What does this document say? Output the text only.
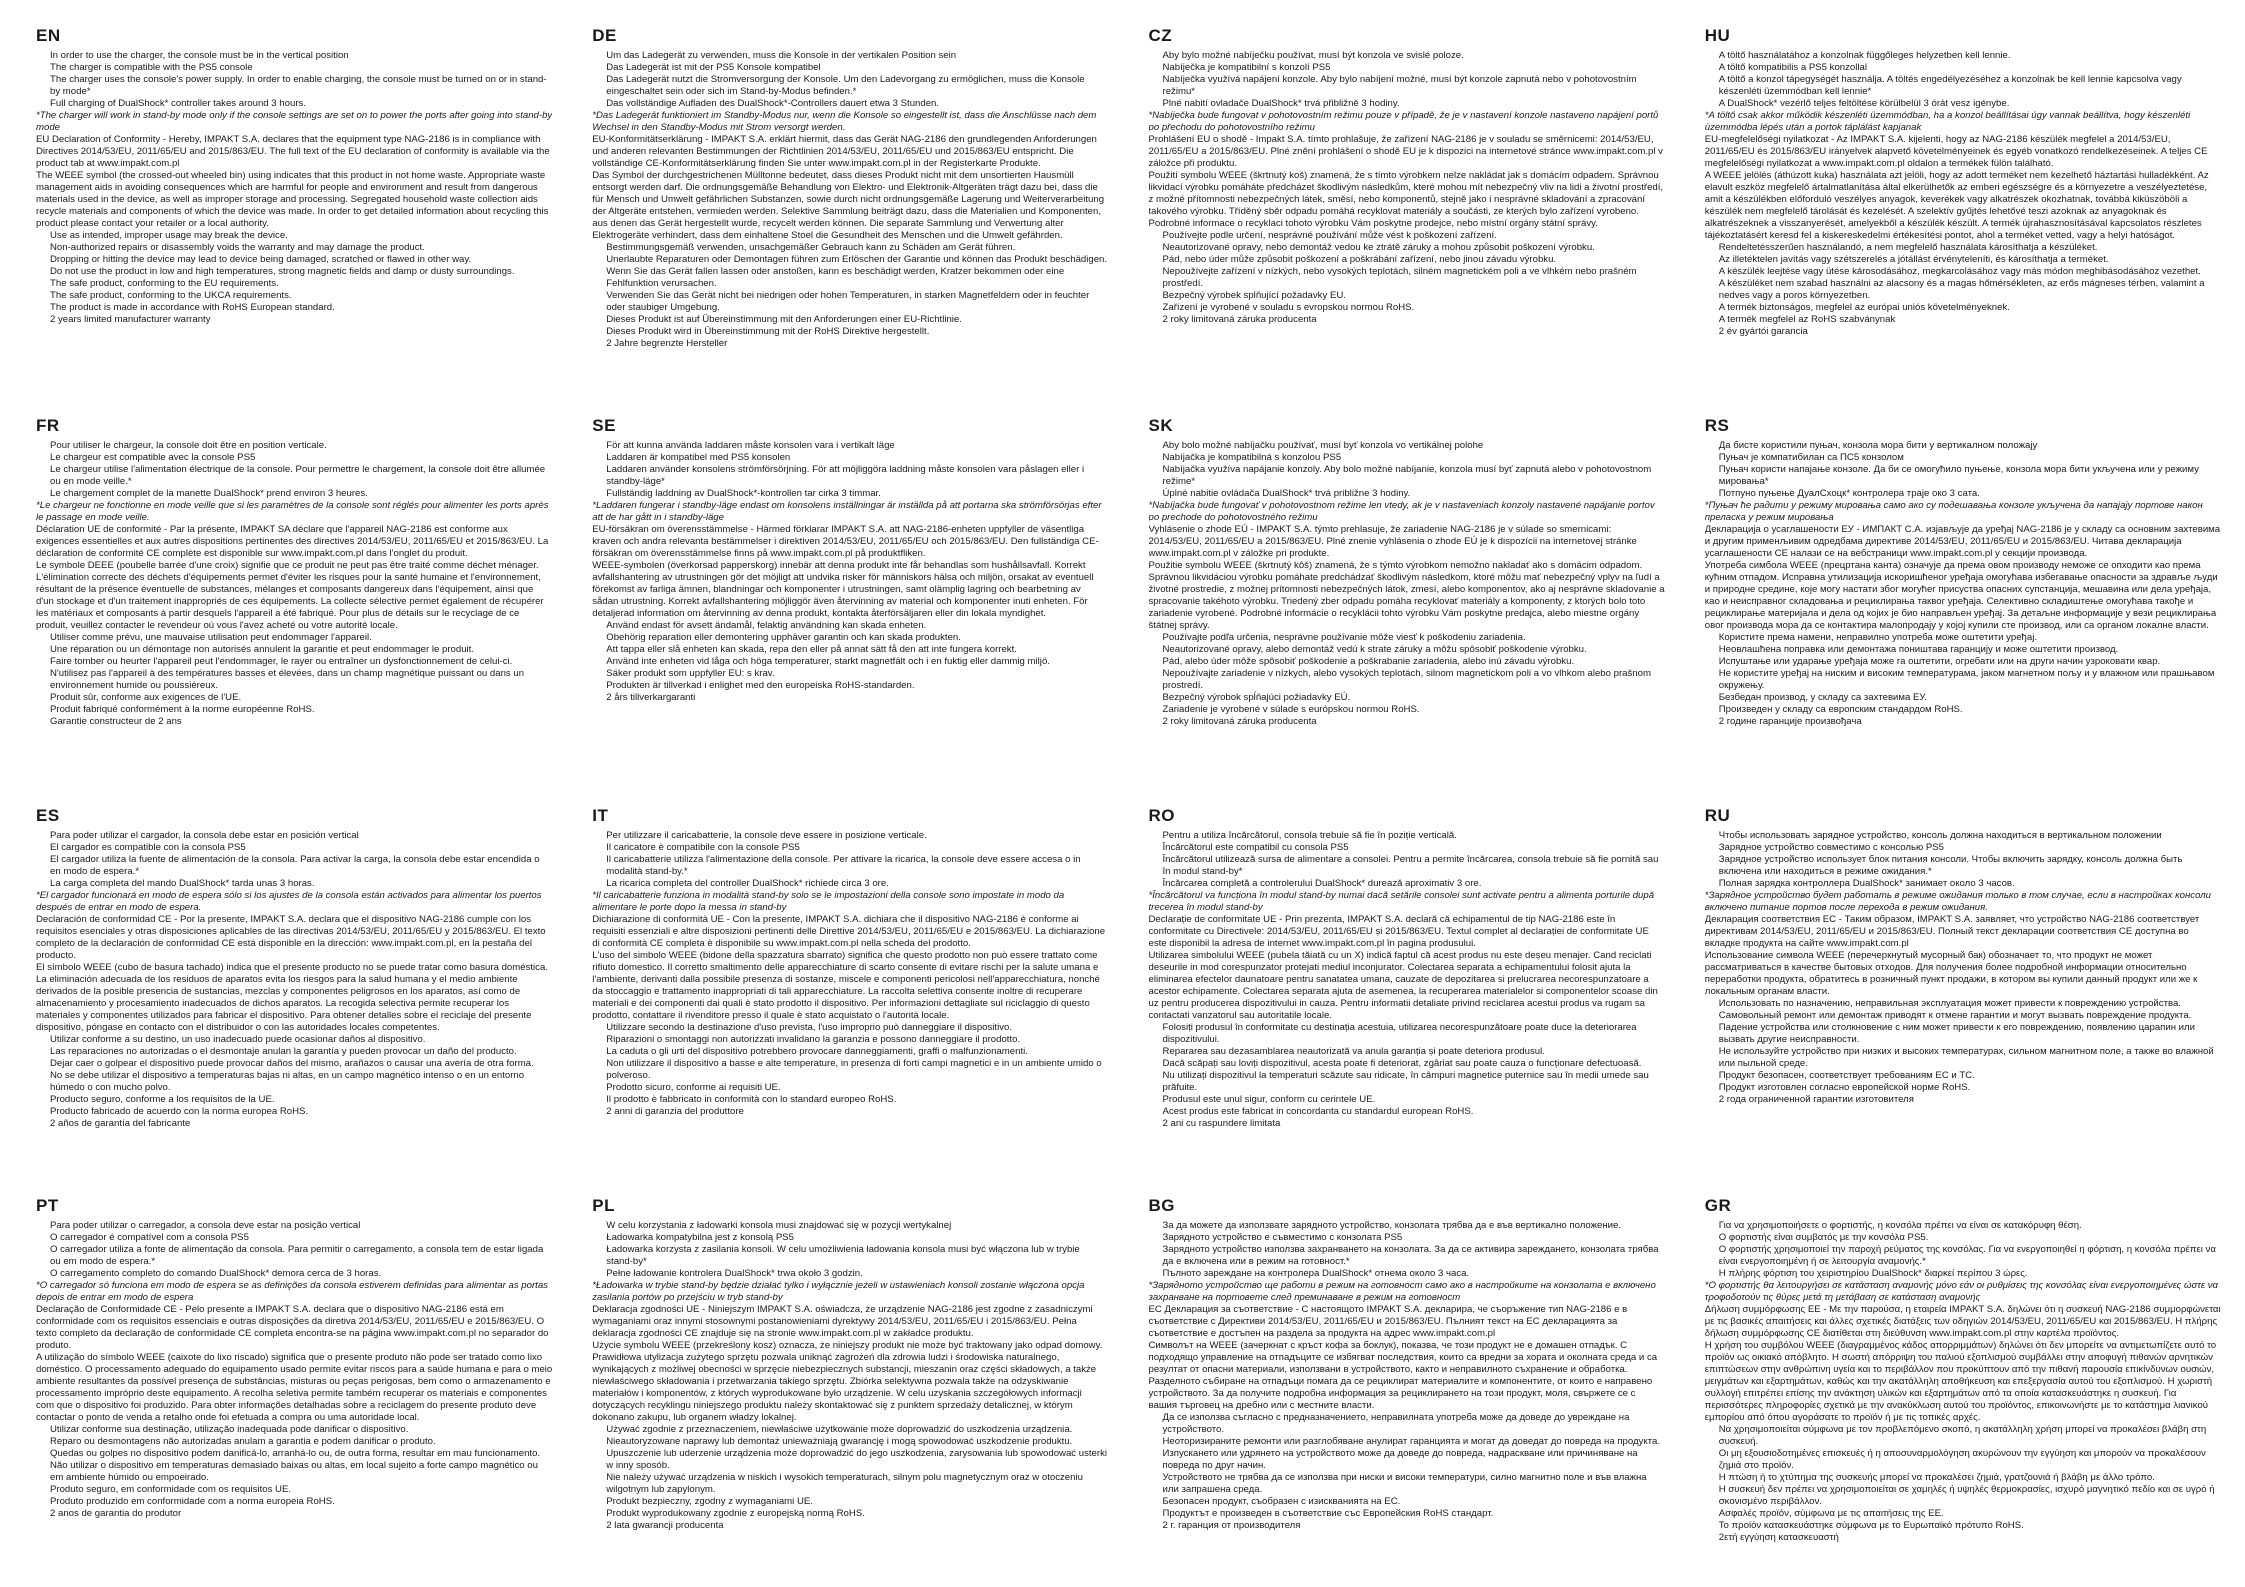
EN
In order to use the charger, the console must be in the vertical position
The charger is compatible with the PS5 console
The charger uses the console's power supply. In order to enable charging, the console must be turned on or in stand-by mode*
Full charging of DualShock* controller takes around 3 hours.
*The charger will work in stand-by mode only if the console settings are set on to power the ports after going into stand-by mode
EU Declaration of Conformity - Hereby, IMPAKT S.A. declares that the equipment type NAG-2186 is in compliance with Directives 2014/53/EU, 2011/65/EU and 2015/863/EU. The full text of the EU declaration of conformity is available via the product tab at www.impakt.com.pl
The WEEE symbol (the crossed-out wheeled bin) using indicates that this product in not home waste. Appropriate waste management aids in avoiding consequences which are harmful for people and environment and result from dangerous materials used in the device, as well as improper storage and processing. Segregated household waste collection aids recycle materials and components of which the device was made. In order to get detailed information about recycling this product please contact your retailer or a local authority.
Use as intended, improper usage may break the device.
Non-authorized repairs or disassembly voids the warranty and may damage the product.
Dropping or hitting the device may lead to device being damaged, scratched or flawed in other way.
Do not use the product in low and high temperatures, strong magnetic fields and damp or dusty surroundings.
The safe product, conforming to the EU requirements.
The safe product, conforming to the UKCA requirements.
The product is made in accordance with RoHS European standard.
2 years limited manufacturer warranty
DE
Um das Ladegerät zu verwenden, muss die Konsole in der vertikalen Position sein
Das Ladegerät ist mit der PS5 Konsole kompatibel
Das Ladegerät nutzt die Stromversorgung der Konsole. Um den Ladevorgang zu ermöglichen, muss die Konsole eingeschaltet sein oder sich im Stand-by-Modus befinden.*
Das vollständige Aufladen des DualShock*-Controllers dauert etwa 3 Stunden.
*Das Ladegerät funktioniert im Standby-Modus nur, wenn die Konsole so eingestellt ist, dass die Anschlüsse nach dem Wechsel in den Standby-Modus mit Strom versorgt werden.
EU-Konformitätserklärung - IMPAKT S.A. erklärt hiermit, dass das Gerät NAG-2186 den grundlegenden Anforderungen und anderen relevanten Bestimmungen der Richtlinien 2014/53/EU, 2011/65/EU und 2015/863/EU entspricht. Die vollständige CE-Konformitätserklärung finden Sie unter www.impakt.com.pl in der Registerkarte Produkte.
Das Symbol der durchgestrichenen Mülltonne bedeutet, dass dieses Produkt nicht mit dem unsortierten Hausmüll entsorgt werden darf. Die ordnungsgemäße Behandlung von Elektro- und Elektronik-Altgeräten trägt dazu bei, dass die für Mensch und Umwelt gefährlichen Substanzen, sowie durch nicht ordnungsgemäße Lagerung und Weiterverarbeitung der Altgeräte entstehen, vermieden werden. Selektive Sammlung beiträgt dazu, dass die Materialien und Komponenten, aus denen das Gerät hergestellt wurde, recycelt werden können. Die separate Sammlung und Verwertung alter Elektrogeräte verhindert, dass dem einhaltene Stoel die Gesundheit des Menschen und die Umwelt gefährden.
Bestimmungsgemäß verwenden, unsachgemäßer Gebrauch kann zu Schäden am Gerät führen.
Unerlaubte Reparaturen oder Demontagen führen zum Erlöschen der Garantie und können das Produkt beschädigen.
Wenn Sie das Gerät fallen lassen oder anstoßen, kann es beschädigt werden, Kratzer bekommen oder eine Fehlfunktion verursachen.
Verwenden Sie das Gerät nicht bei niedrigen oder hohen Temperaturen, in starken Magnetfeldern oder in feuchter oder staubiger Umgebung.
Dieses Produkt ist auf Übereinstimmung mit den Anforderungen einer EU-Richtlinie.
Dieses Produkt wird in Übereinstimmung mit der RoHS Direktive hergestellt.
2 Jahre begrenzte Hersteller
CZ
Aby bylo možné nabíječku používat, musí být konzola ve svislé poloze.
Nabíječka je kompatibilní s konzolí PS5
Nabíječka využívá napájení konzole. Aby bylo nabíjení možné, musí být konzole zapnutá nebo v pohotovostním režimu*
Plné nabití ovladače DualShock* trvá přibližně 3 hodiny.
*Nabíječka bude fungovat v pohotovostním režimu pouze v případě, že je v nastavení konzole nastaveno napájení portů po přechodu do pohotovostního režimu
Prohlášení EU o shodě - Impakt S.A. tímto prohlašuje, že zařízení NAG-2186 je v souladu se směrnicemi: 2014/53/EU, 2011/65/EU a 2015/863/EU. Plné znění prohlášení o shodě EU je k dispozici na internetové stránce www.impakt.com.pl v záložce při produktu.
Použití symbolu WEEE (škrtnutý koš) znamená, že s tímto výrobkem nelze nakládat jak s domácím odpadem. Správnou likvidací výrobku pomáháte předcházet škodlivým následkům, které mohou mít nebezpečný vliv na lidi a životní prostředí, z možné přítomnosti nebezpečných látek, směsí, nebo komponentů, stejně jako i nesprávné skladování a zpracování takového výrobku. Tříděný sběr odpadu pomáhá recyklovat materiály a součásti, ze kterých bylo zařízení vyrobeno. Podrobné informace o recyklaci tohoto výrobku Vám poskytne prodejce, nebo místní orgány státní správy.
Používejte podle určení, nesprávné používání může vést k poškození zařízení.
Neautorizované opravy, nebo demontáž vedou ke ztrátě záruky a mohou způsobit poškození výrobku.
Pád, nebo úder může způsobit poškození a poškrábání zařízení, nebo jinou závadu výrobku.
Nepoužívejte zařízení v nízkých, nebo vysokých teplotách, silném magnetickém poli a ve vlhkém nebo prašném prostředí.
Bezpečný výrobek splňující požadavky EU.
Zařízení je vyrobené v souladu s evropskou normou RoHS.
2 roky limitovaná záruka producenta
HU
A töltő használatához a konzolnak függőleges helyzetben kell lennie.
A töltő kompatibilis a PS5 konzollal
A töltő a konzol tápegységét használja. A töltés engedélyezéséhez a konzolnak be kell lennie kapcsolva vagy készenléti üzemmódban kell lennie*
A DualShock* vezérlő teljes feltöltése körülbelül 3 órát vesz igénybe.
*A töltő csak akkor működik készenléti üzemmódban, ha a konzol beállításai úgy vannak beállítva, hogy készenléti üzemmódba lépés után a portok táplálást kapjanak
EU-megfelelőségi nyilatkozat - Az IMPAKT S.A. kijelenti, hogy az NAG-2186 készülék megfelel a 2014/53/EU, 2011/65/EU és 2015/863/EU irányelvek alapvető követelményeinek és egyéb vonatkozó rendelkezéseinek. A teljes CE megfelelőségi nyilatkozat a www.impakt.com.pl oldalon a termékek fülön található.
A WEEE jelölés (áthúzott kuka) használata azt jelöli, hogy az adott terméket nem kezelhető háztartási hulladékként. Az elavult eszköz megfelelő ártalmatlanítása által elkerülhetők az emberi egészségre és a környezetre a veszélyeztetése, amit a készülékben előforduló veszélyes anyagok, keverékek vagy alkatrészek okozhatnak, továbbá kiküszöböli a készülék nem megfelelő tárolását és kezelését. A szelektív gyűjtés lehetővé teszi azoknak az anyagoknak és alkatrészeknek a visszanyerését, amelyekből a készülék készült. A termék újrahasznosításával kapcsolatos részletes tájékoztatásért keresd fel a kiskereskedelmi értékesítési pontot, ahol a terméket vetted, vagy a helyi hatóságot.
Rendeltetésszerűen használandó, a nem megfelelő használata károsíthatja a készüléket.
Az illetéktelen javítás vagy szétszerelés a jótállást érvényteleníti, és károsíthatja a terméket.
A készülék leejtése vagy ütése károsodásához, megkarcolásához vagy más módon meghibásodásához vezethet.
A készüléket nem szabad használni az alacsony és a magas hőmérsékleten, az erős mágneses térben, valamint a nedves vagy a poros környezetben.
A termék biztonságos, megfelel az európai uniós követelményeknek.
A termék megfelel az RoHS szabványnak
2 év gyártói garancia
FR
Pour utiliser le chargeur, la console doit être en position verticale.
Le chargeur est compatible avec la console PS5
Le chargeur utilise l'alimentation électrique de la console. Pour permettre le chargement, la console doit être allumée ou en mode veille.*
Le chargement complet de la manette DualShock* prend environ 3 heures.
*Le chargeur ne fonctionne en mode veille que si les paramètres de la console sont réglés pour alimenter les ports après le passage en mode veille.
Déclaration UE de conformité - Par la présente, IMPAKT SA déclare que l'appareil NAG-2186 est conforme aux exigences essentielles et aux autres dispositions pertinentes des directives 2014/53/EU, 2011/65/EU et 2015/863/EU. La déclaration de conformité CE complète est disponible sur www.impakt.com.pl dans l'onglet du produit.
Le symbole DEEE (poubelle barrée d'une croix) signifie que ce produit ne peut pas être traité comme déchet ménager. L'élimination correcte des déchets d'équipements permet d'éviter les risques pour la santé humaine et l'environnement, résultant de la présence éventuelle de substances, mélanges et composants dangereux dans l'équipement, ainsi que d'un stockage et d'un traitement inappropriés de ces équipements. La collecte sélective permet également de récupérer les matériaux et composants à partir desquels l'appareil a été fabriqué. Pour plus de détails sur le recyclage de ce produit, veuillez contacter le revendeur où vous l'avez acheté ou votre autorité locale.
Utiliser comme prévu, une mauvaise utilisation peut endommager l'appareil.
Une réparation ou un démontage non autorisés annulent la garantie et peut endommager le produit.
Faire tomber ou heurter l'appareil peut l'endommager, le rayer ou entraîner un dysfonctionnement de celui-ci.
N'utilisez pas l'appareil à des températures basses et élevées, dans un champ magnétique puissant ou dans un environnement humide ou poussiéreux.
Produit sûr, conforme aux exigences de l'UE.
Produit fabriqué conformément à la norme européenne RoHS.
Garantie constructeur de 2 ans
SE
För att kunna använda laddaren måste konsolen vara i vertikalt läge
Laddaren är kompatibel med PS5 konsolen
Laddaren använder konsolens strömförsörjning. För att möjliggöra laddning måste konsolen vara påslagen eller i standby-läge*
Fullständig laddning av DualShock*-kontrollen tar cirka 3 timmar.
*Laddaren fungerar i standby-läge endast om konsolens inställningar är inställda på att portarna ska strömförsörjas efter att de har gått in i standby-läge
EU-försäkran om överensstämmelse - Härmed förklarar IMPAKT S.A. att NAG-2186-enheten uppfyller de väsentliga kraven och andra relevanta bestämmelser i direktiven 2014/53/EU, 2011/65/EU och 2015/863/EU. Den fullständiga CE-försäkran om överensstämmelse finns på www.impakt.com.pl på produktfliken.
WEEE-symbolen (överkorsad papperskorg) innebär att denna produkt inte får behandlas som hushållsavfall. Korrekt avfallshantering av utrustningen gör det möjligt att undvika risker för människors hälsa och miljön, orsakat av eventuell förekomst av farliga ämnen, blandningar och komponenter i utrustningen, samt olämplig lagring och bearbetning av sådan utrustning. Korrekt avfallshantering möjliggör även återvinning av material och komponenter inuti enheten. För detaljerad information om återvinning av denna produkt, kontakta återförsäljaren eller din lokala myndighet.
Använd endast för avsett ändamål, felaktig användning kan skada enheten.
Obehörig reparation eller demontering upphäver garantin och kan skada produkten.
Att tappa eller slå enheten kan skada, repa den eller på annat sätt få den att inte fungera korrekt.
Använd inte enheten vid låga och höga temperaturer, starkt magnetfält och i en fuktig eller dammig miljö.
Säker produkt som uppfyller EU: s krav.
Produkten är tillverkad i enlighet med den europeiska RoHS-standarden.
2 års tillverkargaranti
SK
Aby bolo možné nabíjačku používať, musí byť konzola vo vertikálnej polohe
Nabíjačka je kompatibilná s konzolou PS5
Nabíjačka využíva napájanie konzoly. Aby bolo možné nabíjanie, konzola musí byť zapnutá alebo v pohotovostnom režime*
Úplné nabitie ovládača DualShock* trvá približne 3 hodiny.
*Nabíjačka bude fungovať v pohotovostnom režime len vtedy, ak je v nastaveniach konzoly nastavené napájanie portov po prechode do pohotovostného režimu
Vyhlásenie o zhode EÚ - IMPAKT S.A. týmto prehlasuje, že zariadenie NAG-2186 je v súlade so smernicami: 2014/53/EU, 2011/65/EU a 2015/863/EU. Plné znenie vyhlásenia o zhode EÚ je k dispozícii na internetovej stránke www.impakt.com.pl v záložke pri produkte.
Použitie symbolu WEEE (škrtnutý kôš) znamená, že s týmto výrobkom nemožno nakladať ako s domácim odpadom. Správnou likvidáciou výrobku pomáhate predchádzať škodlivým následkom, ktoré môžu mať nebezpečný vplyv na ľudí a životné prostredie, z možnej prítomnosti nebezpečných látok, zmesí, alebo komponentov, ako aj nesprávne skladovanie a spracovanie takéhoto výrobku. Triedený zber odpadu pomáha recyklovať materiály a komponenty, z ktorých bolo toto zariadenie vyrobené. Podrobné informácie o recyklácii tohto výrobku Vám poskytne predajca, alebo miestne orgány štátnej správy.
Používajte podľa určenia, nesprávne používanie môže viesť k poškodeniu zariadenia.
Neautorizované opravy, alebo demontáž vedú k strate záruky a môžu spôsobiť poškodenie výrobku.
Pád, alebo úder môže spôsobiť poškodenie a poškrabanie zariadenia, alebo inú závadu výrobku.
Nepoužívajte zariadenie v nízkych, alebo vysokých teplotách, silnom magnetickom poli a vo vlhkom alebo prašnom prostredí.
Bezpečný výrobok spĺňajúci požiadavky EÚ.
Zariadenie je vyrobené v súlade s európskou normou RoHS.
2 roky limitovaná záruka producenta
RS
Да бисте користили пуњач, конзола мора бити у вертикалном положају
Пуњач је компатибилан са ПС5 конзолом
Пуњач користи напајање конзоле. Да би се омогућило пуњење, конзола мора бити укључена или у режиму мировања*
Потпуно пуњење ДуалСхоцк* контролера траје око 3 сата.
*Пуњач ће радити у режиму мировања само ако су подешавања конзоле укључена да напајају портове након преласка у режим мировања
Декларација о усаглашености ЕУ - ИМПАКТ С.А. изјављује да уређај NAG-2186 је у складу са основним захтевима и другим применљивим одредбама директиве 2014/53/EU, 2011/65/EU и 2015/863/EU. Читава декларација усаглашености CE налази се на вебстраници www.impakt.com.pl у секцији производа.
Употреба симбола WEEE (прецртана канта) означује да према овом производу неможе се опходити као према кућним отпадом. Исправна утилизација искоришћеног уређаја омогућава избегавање опасности за здравље људи и природне средине, које могу настати због могућег присуства опасних супстанција, мешавина или дела уређаја, као и неисправног складовања и рециклирања таквог уређаја. Селективно складиштење омогућава такође и рециклирање материјала и дела од којих је био направљен уређај. За детаљне информације у вези рециклирања овог производа мора да се контактира малопродају у којој купили сте производ, или са органом локалне власти.
Користите према намени, неправилно употреба може оштетити уређај.
Неовлашћена поправка или демонтажа поништава гаранцију и може оштетити производ.
Испуштање или ударање уређаја може га оштетити, огребати или на други начин узроковати квар.
Не користите уређај на ниским и високим температурама, јаком магнетном пољу и у влажном или прашњавом окружењу.
Безбедан производ, у складу са захтевима ЕУ.
Произведен у складу са европским стандардом RoHS.
2 године гаранције произвођача
ES
Para poder utilizar el cargador, la consola debe estar en posición vertical
El cargador es compatible con la consola PS5
El cargador utiliza la fuente de alimentación de la consola. Para activar la carga, la consola debe estar encendida o en modo de espera.*
La carga completa del mando DualShock* tarda unas 3 horas.
*El cargador funcionará en modo de espera sólo si los ajustes de la consola están activados para alimentar los puertos después de entrar en modo de espera.
Declaración de conformidad CE - Por la presente, IMPAKT S.A. declara que el dispositivo NAG-2186 cumple con los requisitos esenciales y otras disposiciones aplicables de las directivas 2014/53/EU, 2011/65/EU y 2015/863/EU. El texto completo de la declaración de conformidad CE está disponible en la dirección: www.impakt.com.pl, en la pestaña del producto.
El símbolo WEEE (cubo de basura tachado) indica que el presente producto no se puede tratar como basura doméstica. La eliminación adecuada de los residuos de aparatos evita los riesgos para la salud humana y el medio ambiente derivados de la posible presencia de sustancias, mezclas y componentes peligrosos en los aparatos, así como de almacenamiento y procesamiento inadecuados de dichos aparatos. La recogida selectiva permite recuperar los materiales y componentes utilizados para fabricar el dispositivo. Para obtener detalles sobre el reciclaje del presente dispositivo, póngase en contacto con el distribuidor o con las autoridades locales competentes.
Utilizar conforme a su destino, un uso inadecuado puede ocasionar daños al dispositivo.
Las reparaciones no autorizadas o el desmontaje anulan la garantía y pueden provocar un daño del producto.
Dejar caer o golpear el dispositivo puede provocar daños del mismo, arañazos o causar una avería de otra forma.
No se debe utilizar el dispositivo a temperaturas bajas ni altas, en un campo magnético intenso o en un entorno húmedo o con mucho polvo.
Producto seguro, conforme a los requisitos de la UE.
Producto fabricado de acuerdo con la norma europea RoHS.
2 años de garantía del fabricante
IT
Per utilizzare il caricabatterie, la console deve essere in posizione verticale.
Il caricatore è compatibile con la console PS5
Il caricabatterie utilizza l'alimentazione della console. Per attivare la ricarica, la console deve essere accesa o in modalità stand-by.*
La ricarica completa del controller DualShock* richiede circa 3 ore.
*Il caricabatterie funziona in modalità stand-by solo se le impostazioni della console sono impostate in modo da alimentare le porte dopo la messa in stand-by
Dichiarazione di conformità UE - Con la presente, IMPAKT S.A. dichiara che il dispositivo NAG-2186 è conforme ai requisiti essenziali e altre disposizioni pertinenti delle Direttive 2014/53/EU, 2011/65/EU e 2015/863/EU. La dichiarazione di conformità CE completa è disponibile su www.impakt.com.pl nella scheda del prodotto.
L'uso del simbolo WEEE (bidone della spazzatura sbarrato) significa che questo prodotto non può essere trattato come rifiuto domestico. Il corretto smaltimento delle apparecchiature di scarto consente di evitare rischi per la salute umana e l'ambiente, derivanti dalla possibile presenza di sostanze, miscele e componenti pericolosi nell'apparecchiatura, nonché da stoccaggio e trattamento inappropriati di tali apparecchiature. La raccolta selettiva consente inoltre di recuperare materiali e dei componenti dai quali è stato prodotto il dispositivo. Per informazioni dettagliate sul riciclaggio di questo prodotto, contattare il rivenditore presso il quale è stato acquistato o l'autorità locale.
Utilizzare secondo la destinazione d'uso prevista, l'uso improprio può danneggiare il dispositivo.
Riparazioni o smontaggi non autorizzati invalidano la garanzia e possono danneggiare il prodotto.
La caduta o gli urti del dispositivo potrebbero provocare danneggiamenti, graffi o malfunzionamenti.
Non utilizzare il dispositivo a basse e alte temperature, in presenza di forti campi magnetici e in un ambiente umido o polveroso.
Prodotto sicuro, conforme ai requisiti UE.
Il prodotto è fabbricato in conformità con lo standard europeo RoHS.
2 anni di garanzia del produttore
RO
Pentru a utiliza încărcătorul, consola trebuie să fie în poziție verticală.
Încărcătorul este compatibil cu consola PS5
Încărcătorul utilizează sursa de alimentare a consolei. Pentru a permite încărcarea, consola trebuie să fie pornită sau în modul stand-by*
Încărcarea completă a controlerului DualShock* durează aproximativ 3 ore.
*Încărcătorul va funcționa în modul stand-by numai dacă setările consolei sunt activate pentru a alimenta porturile după trecerea în modul stand-by
Declarație de conformitate UE - Prin prezenta, IMPAKT S.A. declară că echipamentul de tip NAG-2186 este în conformitate cu Directivele: 2014/53/EU, 2011/65/EU și 2015/863/EU. Textul complet al declarației de conformitate UE este disponibil la adresa de internet www.impakt.com.pl în pagina produsului.
Utilizarea simbolului WEEE (pubela tăiată cu un X) indică faptul că acest produs nu este deșeu menajer. Cand reciclati deseurile in mod corespunzator protejati mediul inconjurator. Colectarea separata a echipamentului folosit ajuta la eliminarea efectelor daunatoare pentru sanatatea umana, cauzate de depozitarea si prelucrarea necorespunzatoare a acestor echipamente. Colectarea separata ajuta de asemenea, la recuperarea materialelor si componentelor scoase din uz pentru producerea dispozitivului in cauza. Pentru informatii detaliate privind reciclarea acestui produs va rugam sa contactati vanzatorul sau autoritatile locale.
Folosiți produsul în conformitate cu destinația acestuia, utilizarea necorespunzătoare poate duce la deteriorarea dispozitivului.
Repararea sau dezasamblarea neautorizată va anula garanția și poate deteriora produsul.
Dacă scăpați sau loviți dispozitivul, acesta poate fi deteriorat, zgâriat sau poate cauza o funcționare defectuoasă.
Nu utilizați dispozitivul la temperaturi scăzute sau ridicate, în câmpuri magnetice puternice sau în medii umede sau prăfuite.
Produsul este unul sigur, conform cu cerintele UE.
Acest produs este fabricat in concordanta cu standardul european RoHS.
2 ani cu raspundere limitata
RU
Чтобы использовать зарядное устройство, консоль должна находиться в вертикальном положении
Зарядное устройство совместимо с консолью PS5
Зарядное устройство использует блок питания консоли. Чтобы включить зарядку, консоль должна быть включена или находиться в режиме ожидания.*
Полная зарядка контроллера DualShock* занимает около 3 часов.
*Зарядное устройство будет работать в режиме ожидания только в том случае, если в настройках консоли включено питание портов после перехода в режим ожидания.
Декларация соответствия ЕС - Таким образом, IMPAKT S.A. заявляет, что устройство NAG-2186 соответствует директивам 2014/53/EU, 2011/65/EU и 2015/863/EU. Полный текст декларации соответствия CE доступна во вкладке продукта на сайте www.impakt.com.pl
Использование символа WEEE (перечеркнутый мусорный бак) обозначает то, что продукт не может рассматриваться в качестве бытовых отходов. Для получения более подробной информации относительно переработки продукта, обратитесь в розничный пункт продажи, в котором вы купили данный продукт или же к локальным органам власти.
Использовать по назначению, неправильная эксплуатация может привести к повреждению устройства.
Самовольный ремонт или демонтаж приводят к отмене гарантии и могут вызвать повреждение продукта.
Падение устройства или столкновение с ним может привести к его повреждению, появлению царапин или вызвать другие неисправности.
Не используйте устройство при низких и высоких температурах, сильном магнитном поле, а также во влажной или пыльной среде.
Продукт безопасен, соответствует требованиям ЕС и ТС.
Продукт изготовлен согласно европейской норме RoHS.
2 года ограниченной гарантии изготовителя
PT
Para poder utilizar o carregador, a consola deve estar na posição vertical
O carregador é compatível com a consola PS5
O carregador utiliza a fonte de alimentação da consola. Para permitir o carregamento, a consola tem de estar ligada ou em modo de espera.*
O carregamento completo do comando DualShock* demora cerca de 3 horas.
*O carregador só funciona em modo de espera se as definições da consola estiverem definidas para alimentar as portas depois de entrar em modo de espera
Declaração de Conformidade CE - Pelo presente a IMPAKT S.A. declara que o dispositivo NAG-2186 está em conformidade com os requisitos essenciais e outras disposições da diretiva 2014/53/EU, 2011/65/EU e 2015/863/EU. O texto completo da declaração de conformidade CE completa encontra-se na página www.impakt.com.pl no separador do produto.
A utilização do símbolo WEEE (caixote do lixo riscado) significa que o presente produto não pode ser tratado como lixo doméstico. O processamento adequado do equipamento usado permite evitar riscos para a saúde humana e para o meio ambiente resultantes da possível presença de substâncias, misturas ou peças perigosas, bem como o armazenamento e processamento impróprio deste equipamento. A recolha seletiva permite também recuperar os materiais e componentes com que o dispositivo foi produzido. Para obter informações detalhadas sobre a reciclagem do presente produto deve contactar o ponto de venda a retalho onde foi efetuada a compra ou uma autoridade local.
Utilizar conforme sua destinação, utilização inadequada pode danificar o dispositivo.
Reparo ou desmontagens não autorizadas anulam a garantia e podem danificar o produto.
Quedas ou golpes no dispositivo podem danificá-lo, arranhá-lo ou, de outra forma, resultar em mau funcionamento.
Não utilizar o dispositivo em temperaturas demasiado baixas ou altas, em local sujeito a forte campo magnético ou em ambiente húmido ou empoeirado.
Produto seguro, em conformidade com os requisitos UE.
Produto produzido em conformidade com a norma europeia RoHS.
2 anos de garantia do produtor
PL
W celu korzystania z ładowarki konsola musi znajdować się w pozycji wertykalnej
Ładowarka kompatybilna jest z konsolą PS5
Ładowarka korzysta z zasilania konsoli. W celu umożliwienia ładowania konsola musi być włączona lub w trybie stand-by*
Pełne ładowanie kontrolera DualShock* trwa około 3 godzin.
*Ładowarka w trybie stand-by będzie działać tylko i wyłącznie jeżeli w ustawieniach konsoli zostanie włączona opcja zasilania portów po przejściu w tryb stand-by
Deklaracja zgodności UE - Niniejszym IMPAKT S.A. oświadcza, że urządzenie NAG-2186 jest zgodne z zasadniczymi wymaganiami oraz innymi stosownymi postanowieniami dyrektywy 2014/53/EU, 2011/65/EU i 2015/863/EU. Pełna deklaracja zgodności CE znajduje się na stronie www.impakt.com.pl w zakładce produktu.
Użycie symbolu WEEE (przekreślony kosz) oznacza, że niniejszy produkt nie może być traktowany jako odpad domowy. Prawidłowa utylizacja zużytego sprzętu pozwala uniknąć zagrożeń dla zdrowia ludzi i środowiska naturalnego, wynikających z możliwej obecności w sprzęcie niebezpiecznych substancji, mieszanin oraz części składowych, a także niewłaściwego składowania i przetwarzania takiego sprzętu. Zbiórka selektywna pozwala także na odzyskiwanie materiałów i komponentów, z których wyprodukowane było urządzenie. W celu uzyskania szczegółowych informacji dotyczących recyklingu niniejszego produktu należy skontaktować się z punktem sprzedaży detalicznej, w którym dokonano zakupu, lub organem władzy lokalnej.
Używać zgodnie z przeznaczeniem, niewłaściwe użytkowanie może doprowadzić do uszkodzenia urządzenia.
Nieautoryzowane naprawy lub demontaż unieważniają gwarancję i mogą spowodować uszkodzenie produktu.
Upuszczenie lub uderzenie urządzenia może doprowadzić do jego uszkodzenia, zarysowania lub spowodować usterki w inny sposób.
Nie należy używać urządzenia w niskich i wysokich temperaturach, silnym polu magnetycznym oraz w otoczeniu wilgotnym lub zapylonym.
Produkt bezpieczny, zgodny z wymaganiami UE.
Produkt wyprodukowany zgodnie z europejską normą RoHS.
2 lata gwarancji producenta
BG
За да можете да използвате зарядното устройство, конзолата трябва да е във вертикално положение.
Зарядното устройство е съвместимо с конзолата PS5
Зарядното устройство използва захранването на конзолата. За да се активира зареждането, конзолата трябва да е включена или в режим на готовност.*
Пълното зареждане на контролера DualShock* отнема около 3 часа.
*Зарядното устройство ще работи в режим на готовност само ако в настройките на конзолата е включено захранване на портовете след преминаване в режим на готовност
ЕС Декларация за съответствие - С настоящото IMPAKT S.A. декларира, че съоръжение тип NAG-2186 е в съответствие с Директиви 2014/53/EU, 2011/65/EU и 2015/863/EU. Пълният текст на ЕС декларацията за съответствие е достъпен на раздела за продукта на адрес www.impakt.com.pl
Символът на WEEE (зачеркнат с кръст кофа за боклук), показва, че този продукт не е домашен отпадък. С подходящо управление на отпадъците се избягват последствия, които са вредни за хората и околната среда и са резултат от опасни материали, използвани в устройството, както и неправилното съхранение и обработка. Разделното събиране на отпадъци помага да се рециклират материалите и компонентите, от които е направено устройството. За да получите подробна информация за рециклирането на този продукт, моля, свържете се с вашия търговец на дребно или с местните власти.
Да се използва съгласно с предназначението, неправилната употреба може да доведе до увреждане на устройството.
Неоторизираните ремонти или разглобяване анулират гаранцията и могат да доведат до повреда на продукта.
Изпускането или удрянето на устройството може да доведе до повреда, надраскване или причиняване на повреда по друг начин.
Устройството не трябва да се използва при ниски и високи температури, силно магнитно поле и във влажна или запрашена среда.
Безопасен продукт, съобразен с изискванията на ЕС.
Продуктът е произведен в съответствие със Европейския RoHS стандарт.
2 г. гаранция от производителя
GR
Για να χρησιμοποιήσετε ο φορτιστής, η κονσόλα πρέπει να είναι σε κατακόρυφη θέση.
Ο φορτιστής είναι συμβατός με την κονσόλα PS5.
Ο φορτιστής χρησιμοποιεί την παροχή ρεύματος της κονσόλας. Για να ενεργοποιηθεί η φόρτιση, η κονσόλα πρέπει να είναι ενεργοποιημένη ή σε λειτουργία αναμονής.*
Η πλήρης φόρτιση του χειριστηρίου DualShock* διαρκεί περίπου 3 ώρες.
*Ο φορτιστής θα λειτουργήσει σε κατάσταση αναμονής μόνο εάν οι ρυθμίσεις της κονσόλας είναι ενεργοποιημένες ώστε να τροφοδοτούν τις θύρες μετά τη μετάβαση σε κατάσταση αναμονής
Δήλωση συμμόρφωσης ΕΕ - Με την παρούσα, η εταιρεία IMPAKT S.A. δηλώνει ότι η συσκευή NAG-2186 συμμορφώνεται με τις βασικές απαιτήσεις και άλλες σχετικές διατάξεις των οδηγιών 2014/53/EU, 2011/65/EU και 2015/863/EU. Η πλήρης δήλωση συμμόρφωσης CE διατίθεται στη διεύθυνση www.impakt.com.pl στην καρτέλα προϊόντος.
Η χρήση του συμβόλου WEEE (διαγραμμένος κάδος απορριμμάτων) δηλώνει ότι δεν μπορείτε να αντιμετωπίζετε αυτό το προϊόν ως οικιακό απόβλητο. Η σωστή απόρριψη του παλιού εξοπλισμού συμβάλλει στην αποφυγή πιθανών αρνητικών επιπτώσεων στην ανθρώπινη υγεία και το περιβάλλον που προκύπτουν από την πιθανή παρουσία επικίνδυνων ουσιών, μειγμάτων και εξαρτημάτων, καθώς και την ακατάλληλη αποθήκευση και επεξεργασία αυτού του εξοπλισμού. Η χωριστή συλλογή επιτρέπει επίσης την ανάκτηση υλικών και εξαρτημάτων από τα οποία κατασκευάστηκε η συσκευή. Για περισσότερες πληροφορίες σχετικά με την ανακύκλωση αυτού του προϊόντος, επικοινωνήστε με το κατάστημα λιανικού εμπορίου από όπου αγοράσατε το προϊόν ή με τις τοπικές αρχές.
Να χρησιμοποιείται σύμφωνα με τον προβλεπόμενο σκοπό, η ακατάλληλη χρήση μπορεί να προκαλέσει βλάβη στη συσκευή.
Οι μη εξουσιοδοτημένες επισκευές ή η αποσυναρμολόγηση ακυρώνουν την εγγύηση και μπορούν να προκαλέσουν ζημιά στο προϊόν.
Η πτώση ή το χτύπημα της συσκευής μπορεί να προκαλέσει ζημιά, γρατζουνιά ή βλάβη με άλλο τρόπο.
Η συσκευή δεν πρέπει να χρησιμοποιείται σε χαμηλές ή υψηλές θερμοκρασίες, ισχυρό μαγνητικό πεδίο και σε υγρό ή σκονισμένο περιβάλλον.
Ασφαλές προϊόν, σύμφωνα με τις απαιτήσεις της ΕΕ.
Το προϊόν κατασκευάστηκε σύμφωνα με το Ευρωπαϊκό πρότυπο RoHS.
2ετή εγγύηση κατασκευαστή
